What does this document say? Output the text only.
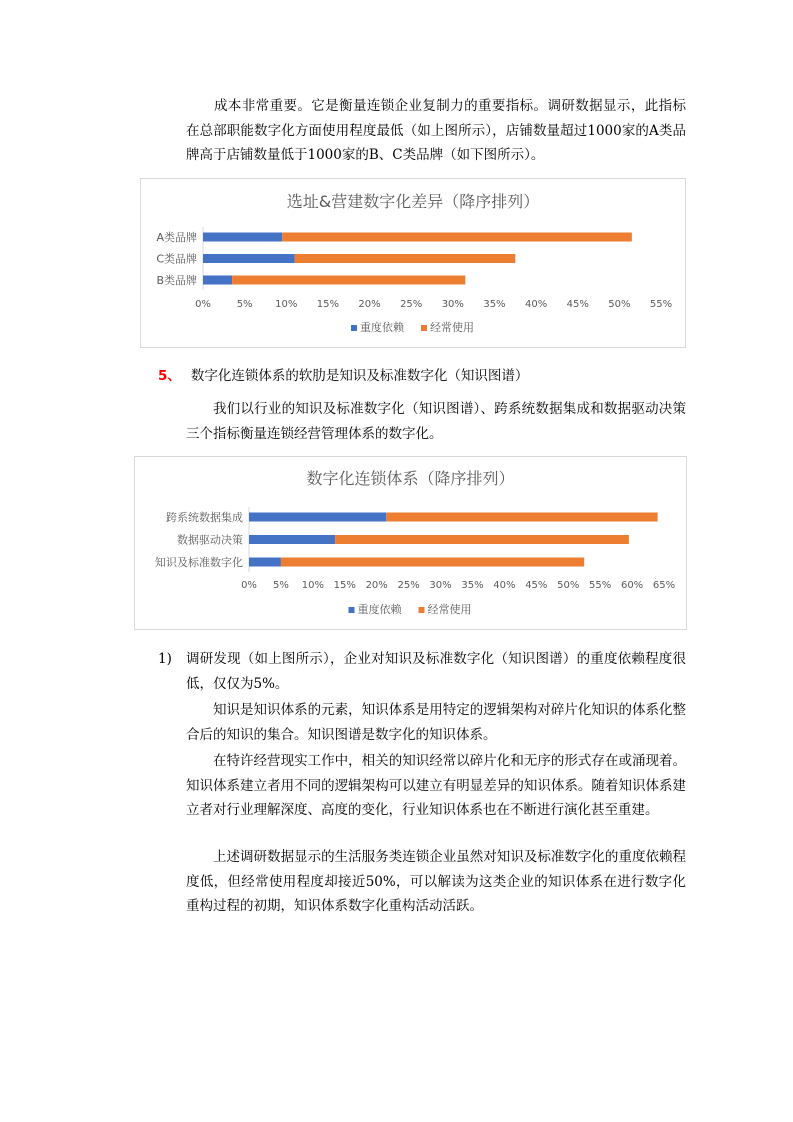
成本非常重要。它是衡量连锁企业复制力的重要指标。调研数据显示，此指标在总部职能数字化方面使用程度最低（如上图所示），店铺数量超过1000家的A类品牌高于店铺数量低于1000家的B、C类品牌（如下图所示）。

选址&营建数字化差异（降序排列）
A类品牌
C类品牌
B类品牌
0%	5% 10% 15% 20% 25% 30% 35% 40% 45% 50% 55%
重度依赖 经常使用
5、 数字化连锁体系的软肋是知识及标准数字化（知识图谱）

我们以行业的知识及标准数字化（知识图谱）、跨系统数据集成和数据驱动决策三个指标衡量连锁经营管理体系的数字化。

数字化连锁体系（降序排列）
跨系统数据集成
数据驱动决策
知识及标准数字化
0% 5% 10% 15% 20% 25% 30% 35% 40% 45% 50% 55% 60% 65%
重度依赖 经常使用
1) 调研发现（如上图所示），企业对知识及标准数字化（知识图谱）的重度依赖程度很低，仅仅为5%。

知识是知识体系的元素，知识体系是用特定的逻辑架构对碎片化知识的体系化整合后的知识的集合。知识图谱是数字化的知识体系。

在特许经营现实工作中，相关的知识经常以碎片化和无序的形式存在或涌现着。知识体系建立者用不同的逻辑架构可以建立有明显差异的知识体系。随着知识体系建立者对行业理解深度、高度的变化，行业知识体系也在不断进行演化甚至重建。

上述调研数据显示的生活服务类连锁企业虽然对知识及标准数字化的重度依赖程度低，但经常使用程度却接近50%，可以解读为这类企业的知识体系在进行数字化重构过程的初期，知识体系数字化重构活动活跃。
